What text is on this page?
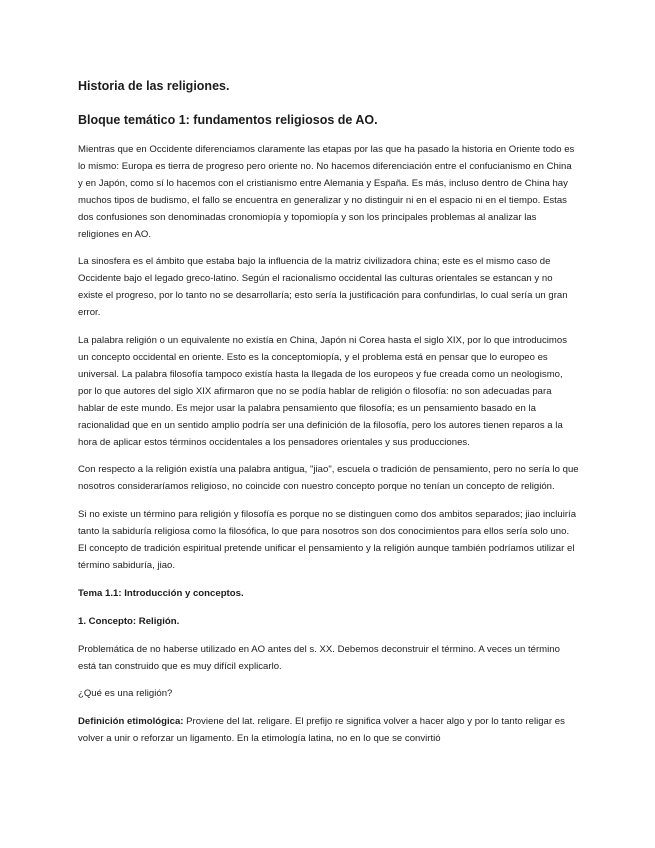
Historia de las religiones.
Bloque temático 1: fundamentos religiosos de AO.

Mientras que en Occidente diferenciamos claramente las etapas por las que ha pasado la historia en Oriente todo es lo mismo: Europa es tierra de progreso pero oriente no. No hacemos diferenciación entre el confucianismo en China y en Japón, como sí lo hacemos con el cristianismo entre Alemania y España. Es más, incluso dentro de China hay muchos tipos de budismo, el fallo se encuentra en generalizar y no distinguir ni en el espacio ni en el tiempo. Estas dos confusiones son denominadas cronomiopía y topomiopía y son los principales problemas al analizar las religiones en AO.

La sinosfera es el ámbito que estaba bajo la influencia de la matriz civilizadora china; este es el mismo caso de Occidente bajo el legado greco-latino. Según el racionalismo occidental las culturas orientales se estancan y no existe el progreso, por lo tanto no se desarrollaría; esto sería la justificación para confundirlas, lo cual sería un gran error.

La palabra religión o un equivalente no existía en China, Japón ni Corea hasta el siglo XIX, por lo que introducimos un concepto occidental en oriente. Esto es la conceptomiopía, y el problema está en pensar que lo europeo es universal. La palabra filosofía tampoco existía hasta la llegada de los europeos y fue creada como un neologismo, por lo que autores del siglo XIX afirmaron que no se podía hablar de religión o filosofía: no son adecuadas para hablar de este mundo. Es mejor usar la palabra pensamiento que filosofía; es un pensamiento basado en la racionalidad que en un sentido amplio podría ser una definición de la filosofía, pero los autores tienen reparos a la hora de aplicar estos términos occidentales a los pensadores orientales y sus producciones.

Con respecto a la religión existía una palabra antigua, "jiao", escuela o tradición de pensamiento, pero no sería lo que nosotros consideraríamos religioso, no coincide con nuestro concepto porque no tenían un concepto de religión.

Si no existe un término para religión y filosofía es porque no se distinguen como dos ambitos separados; jiao incluiría tanto la sabiduría religiosa como la filosófica, lo que para nosotros son dos conocimientos para ellos sería solo uno. El concepto de tradición espiritual pretende unificar el pensamiento y la religión aunque también podríamos utilizar el término sabiduría, jiao.

Tema 1.1: Introducción y conceptos.

1. Concepto: Religión.

Problemática de no haberse utilizado en AO antes del s. XX. Debemos deconstruir el término. A veces un término está tan construido que es muy difícil explicarlo.

¿Qué es una religión?

Definición etimológica: Proviene del lat. religare. El prefijo re significa volver a hacer algo y por lo tanto religar es volver a unir o reforzar un ligamento. En la etimología latina, no en lo que se convirtió
